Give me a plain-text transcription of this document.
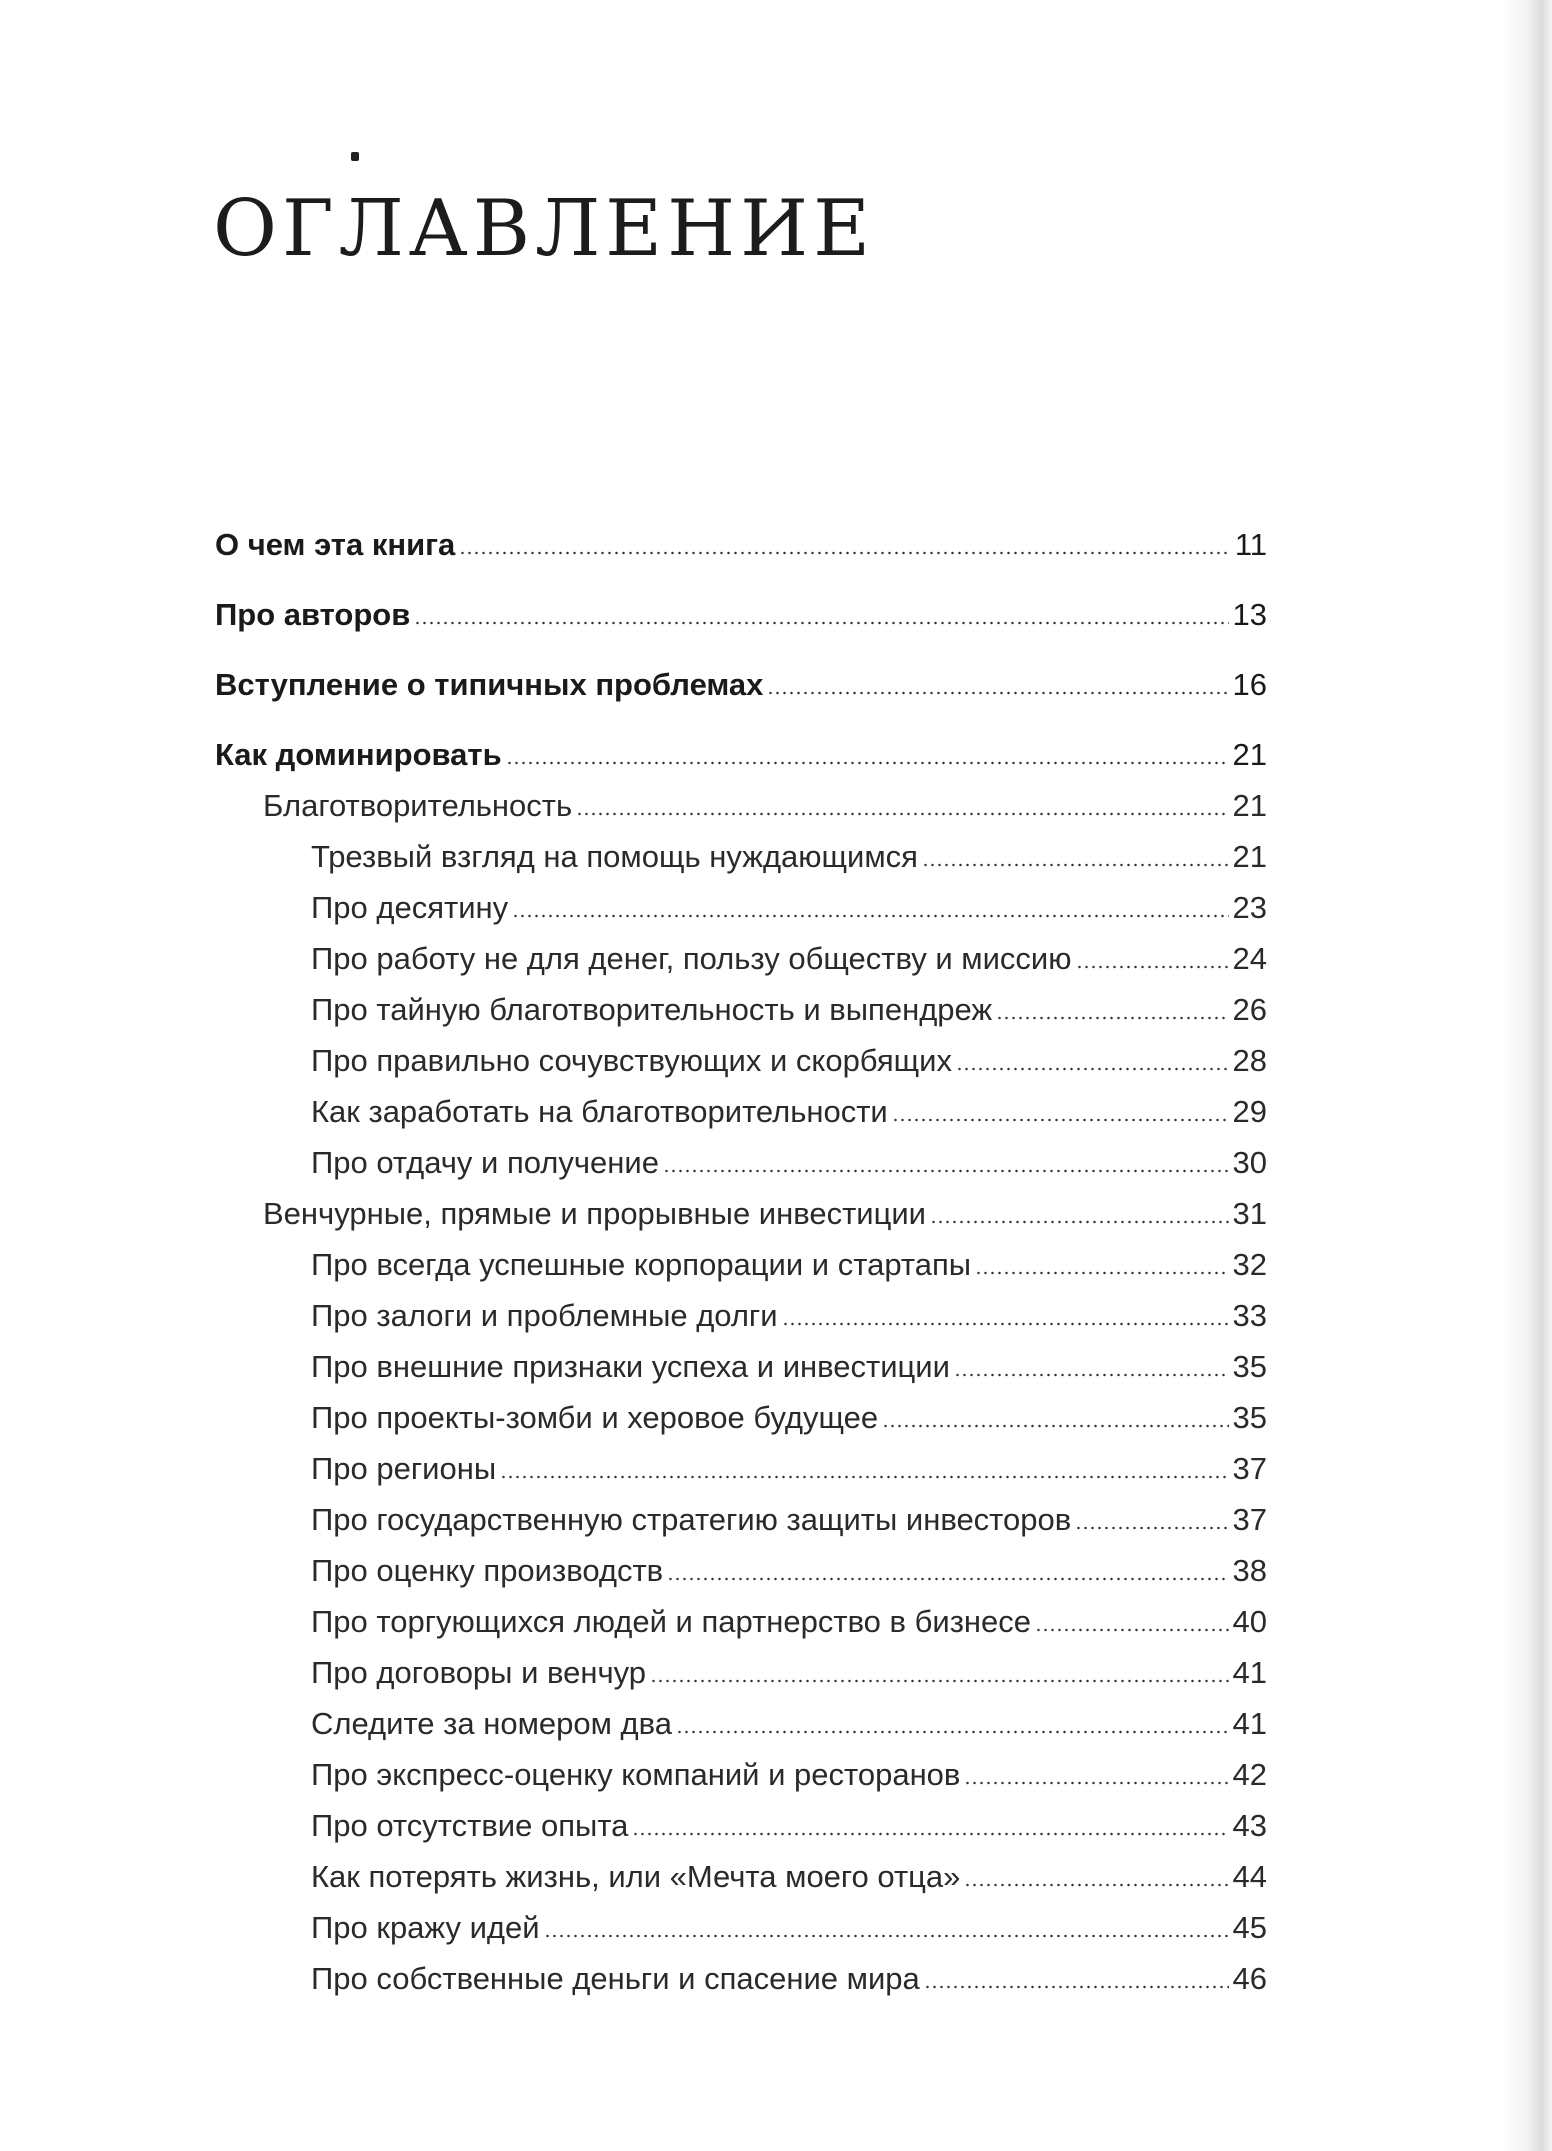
ОГЛАВЛЕНИЕ
О чем эта книга	11
Про авторов	13
Вступление о типичных проблемах	16
Как доминировать	21
Благотворительность	21
Трезвый взгляд на помощь нуждающимся	21
Про десятину	23
Про работу не для денег, пользу обществу и миссию	24
Про тайную благотворительность и выпендреж	26
Про правильно сочувствующих и скорбящих	28
Как заработать на благотворительности	29
Про отдачу и получение	30
Венчурные, прямые и прорывные инвестиции	31
Про всегда успешные корпорации и стартапы	32
Про залоги и проблемные долги	33
Про внешние признаки успеха и инвестиции	35
Про проекты-зомби и херовое будущее	35
Про регионы	37
Про государственную стратегию защиты инвесторов	37
Про оценку производств	38
Про торгующихся людей и партнерство в бизнесе	40
Про договоры и венчур	41
Следите за номером два	41
Про экспресс-оценку компаний и ресторанов	42
Про отсутствие опыта	43
Как потерять жизнь, или «Мечта моего отца»	44
Про кражу идей	45
Про собственные деньги и спасение мира	46
